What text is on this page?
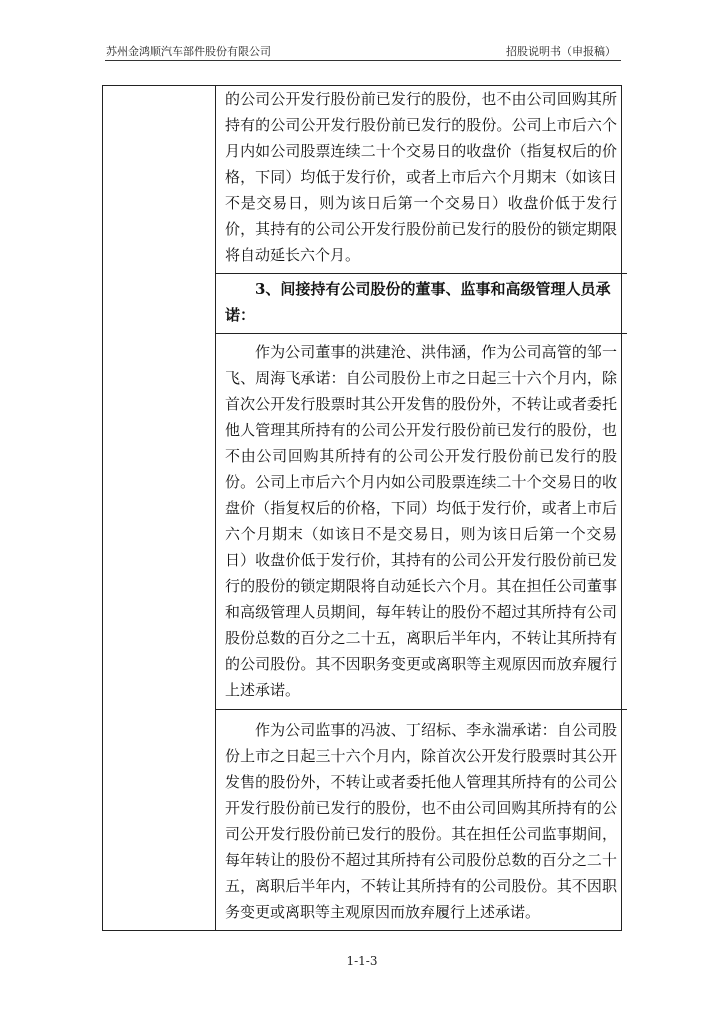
苏州金鸿顺汽车部件股份有限公司	招股说明书（申报稿）

的公司公开发行股份前已发行的股份，也不由公司回购其所持有的公司公开发行股份前已发行的股份。公司上市后六个月内如公司股票连续二十个交易日的收盘价（指复权后的价格，下同）均低于发行价，或者上市后六个月期末（如该日不是交易日，则为该日后第一个交易日）收盘价低于发行价，其持有的公司公开发行股份前已发行的股份的锁定期限将自动延长六个月。

3、间接持有公司股份的董事、监事和高级管理人员承诺：

作为公司董事的洪建沧、洪伟涵，作为公司高管的邹一飞、周海飞承诺：自公司股份上市之日起三十六个月内，除首次公开发行股票时其公开发售的股份外，不转让或者委托他人管理其所持有的公司公开发行股份前已发行的股份，也不由公司回购其所持有的公司公开发行股份前已发行的股份。公司上市后六个月内如公司股票连续二十个交易日的收盘价（指复权后的价格，下同）均低于发行价，或者上市后六个月期末（如该日不是交易日，则为该日后第一个交易日）收盘价低于发行价，其持有的公司公开发行股份前已发行的股份的锁定期限将自动延长六个月。其在担任公司董事和高级管理人员期间，每年转让的股份不超过其所持有公司股份总数的百分之二十五，离职后半年内，不转让其所持有的公司股份。其不因职务变更或离职等主观原因而放弃履行上述承诺。

作为公司监事的冯波、丁绍标、李永湍承诺：自公司股份上市之日起三十六个月内，除首次公开发行股票时其公开发售的股份外，不转让或者委托他人管理其所持有的公司公开发行股份前已发行的股份，也不由公司回购其所持有的公司公开发行股份前已发行的股份。其在担任公司监事期间，每年转让的股份不超过其所持有公司股份总数的百分之二十五，离职后半年内，不转让其所持有的公司股份。其不因职务变更或离职等主观原因而放弃履行上述承诺。

1-1-3
